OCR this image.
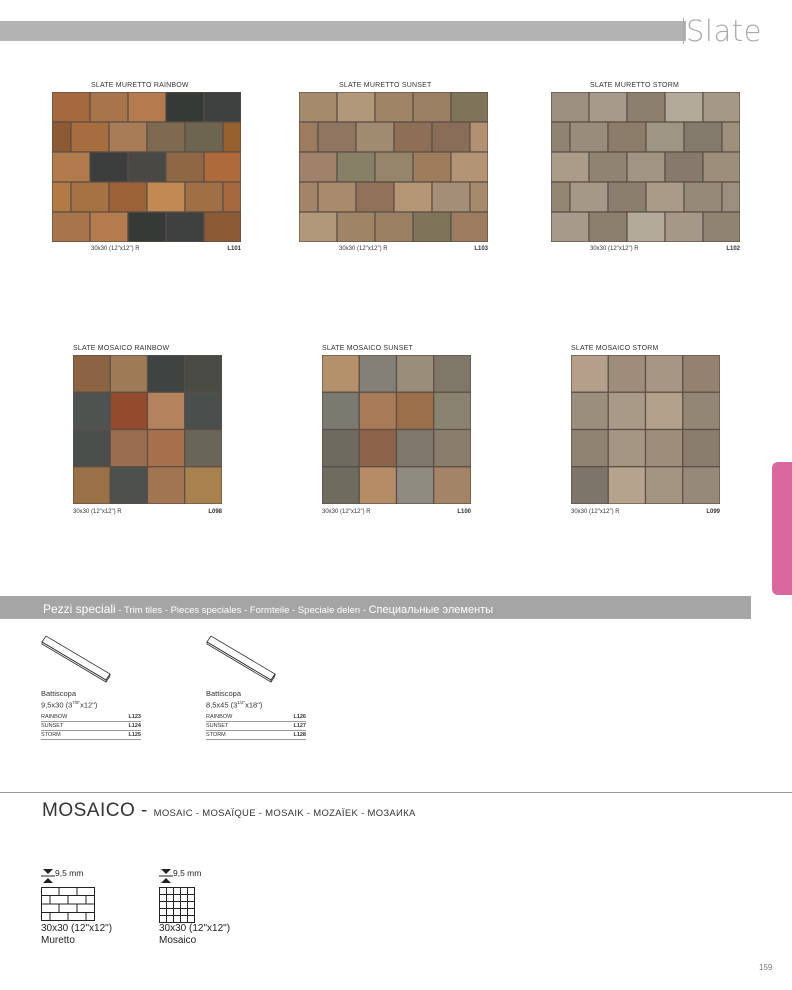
Slate
SLATE MURETTO RAINBOW
30x30 (12"x12") R	L101
SLATE MURETTO SUNSET
30x30 (12"x12") R	L103
SLATE MURETTO STORM
30x30 (12"x12") R	L102
SLATE MOSAICO RAINBOW
30x30 (12"x12") R	L098
SLATE MOSAICO SUNSET
30x30 (12"x12") R	L100
SLATE MOSAICO STORM
30x30 (12"x12") R	L099
Pezzi speciali - Trim tiles - Pieces speciales - Formteile - Speciale delen - Специальные элементы
Battiscopa
9,5x30 $(3^{7/8"}x12")$
RAINBOW	L123
SUNSET	L124
STORM	L125
Battiscopa
8,5x45 $(3^{1/2"}x18")$
RAINBOW	L126
SUNSET	L127
STORM	L128
MOSAICO - MOSAIC - MOSAÏQUE - MOSAIK - MOZAÏEK - МОЗАИКА
9,5 mm
30x30 (12"x12")
Muretto
9,5 mm
30x30 (12"x12")
Mosaico
159
